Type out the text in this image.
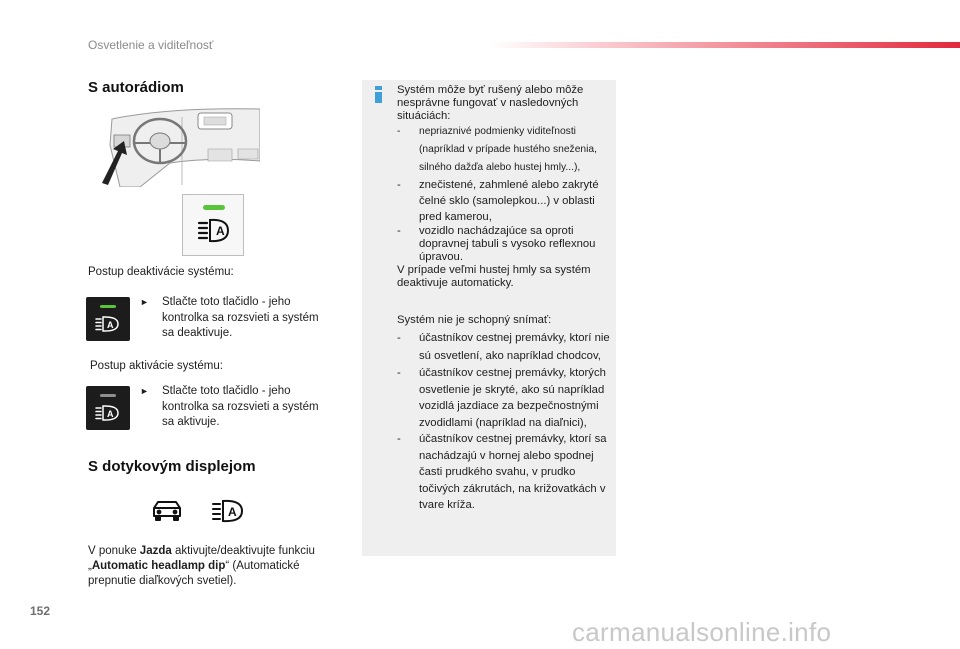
Osvetlenie a viditeľnosť
S autorádiom
A
Postup deaktivácie systému:
A
►	Stlačte toto tlačidlo - jeho kontrolka sa rozsvieti a systém sa deaktivuje.
Postup aktivácie systému:
A
►	Stlačte toto tlačidlo - jeho kontrolka sa rozsvieti a systém sa aktivuje.
S dotykovým displejom
A
V ponuke Jazda aktivujte/deaktivujte funkciu „Automatic headlamp dip“ (Automatické prepnutie diaľkových svetiel).
Systém môže byť rušený alebo môže nesprávne fungovať v nasledovných situáciách:
- nepriaznivé podmienky viditeľnosti (napríklad v prípade hustého sneženia, silného dažďa alebo hustej hmly...),
- znečistené, zahmlené alebo zakryté čelné sklo (samolepkou...) v oblasti pred kamerou,
- vozidlo nachádzajúce sa oproti dopravnej tabuli s vysoko reflexnou úpravou.
V prípade veľmi hustej hmly sa systém deaktivuje automaticky.
Systém nie je schopný snímať:
- účastníkov cestnej premávky, ktorí nie sú osvetlení, ako napríklad chodcov,
- účastníkov cestnej premávky, ktorých osvetlenie je skryté, ako sú napríklad vozidlá jazdiace za bezpečnostnými zvodidlami (napríklad na diaľnici),
- účastníkov cestnej premávky, ktorí sa nachádzajú v hornej alebo spodnej časti prudkého svahu, v prudko točivých zákrutách, na križovatkách v tvare kríža.
152
carmanualsonline.info
